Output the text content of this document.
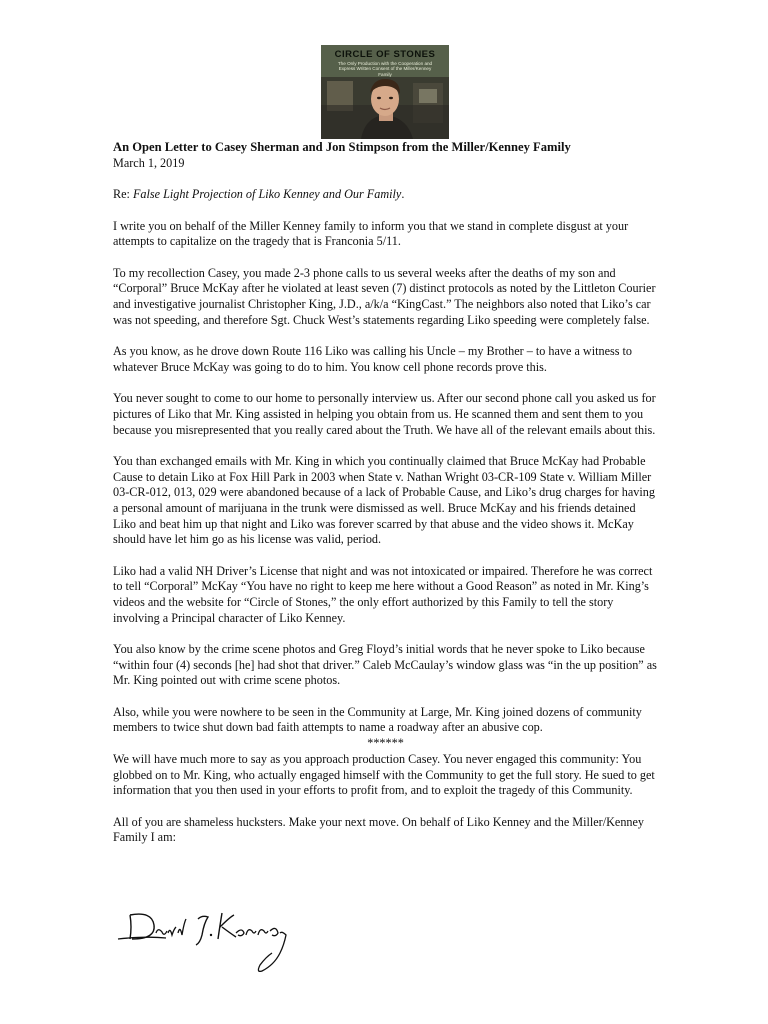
CIRCLE OF STONES
The Only Production with the Cooperation and Express Written Consent of the Miller/Kenney Family
An Open Letter to Casey Sherman and Jon Stimpson from the Miller/Kenney Family
March 1, 2019

Re: False Light Projection of Liko Kenney and Our Family.

I write you on behalf of the Miller Kenney family to inform you that we stand in complete disgust at your attempts to capitalize on the tragedy that is Franconia 5/11.

To my recollection Casey, you made 2-3 phone calls to us several weeks after the deaths of my son and “Corporal” Bruce McKay after he violated at least seven (7) distinct protocols as noted by the Littleton Courier and investigative journalist Christopher King, J.D., a/k/a “KingCast.” The neighbors also noted that Liko’s car was not speeding, and therefore Sgt. Chuck West’s statements regarding Liko speeding were completely false.

As you know, as he drove down Route 116 Liko was calling his Uncle – my Brother – to have a witness to whatever Bruce McKay was going to do to him. You know cell phone records prove this.

You never sought to come to our home to personally interview us. After our second phone call you asked us for pictures of Liko that Mr. King assisted in helping you obtain from us. He scanned them and sent them to you because you misrepresented that you really cared about the Truth. We have all of the relevant emails about this.

You than exchanged emails with Mr. King in which you continually claimed that Bruce McKay had Probable Cause to detain Liko at Fox Hill Park in 2003 when State v. Nathan Wright 03-CR-109 State v. William Miller 03-CR-012, 013, 029 were abandoned because of a lack of Probable Cause, and Liko’s drug charges for having a personal amount of marijuana in the trunk were dismissed as well. Bruce McKay and his friends detained Liko and beat him up that night and Liko was forever scarred by that abuse and the video shows it. McKay should have let him go as his license was valid, period.

Liko had a valid NH Driver’s License that night and was not intoxicated or impaired. Therefore he was correct to tell “Corporal” McKay “You have no right to keep me here without a Good Reason” as noted in Mr. King’s videos and the website for “Circle of Stones,” the only effort authorized by this Family to tell the story involving a Principal character of Liko Kenney.

You also know by the crime scene photos and Greg Floyd’s initial words that he never spoke to Liko because “within four (4) seconds [he] had shot that driver.” Caleb McCaulay’s window glass was “in the up position” as Mr. King pointed out with crime scene photos.

Also, while you were nowhere to be seen in the Community at Large, Mr. King joined dozens of community members to twice shut down bad faith attempts to name a roadway after an abusive cop.

******

We will have much more to say as you approach production Casey. You never engaged this community: You globbed on to Mr. King, who actually engaged himself with the Community to get the full story. He sued to get information that you then used in your efforts to profit from, and to exploit the tragedy of this Community.

All of you are shameless hucksters. Make your next move. On behalf of Liko Kenney and the Miller/Kenney Family I am:
